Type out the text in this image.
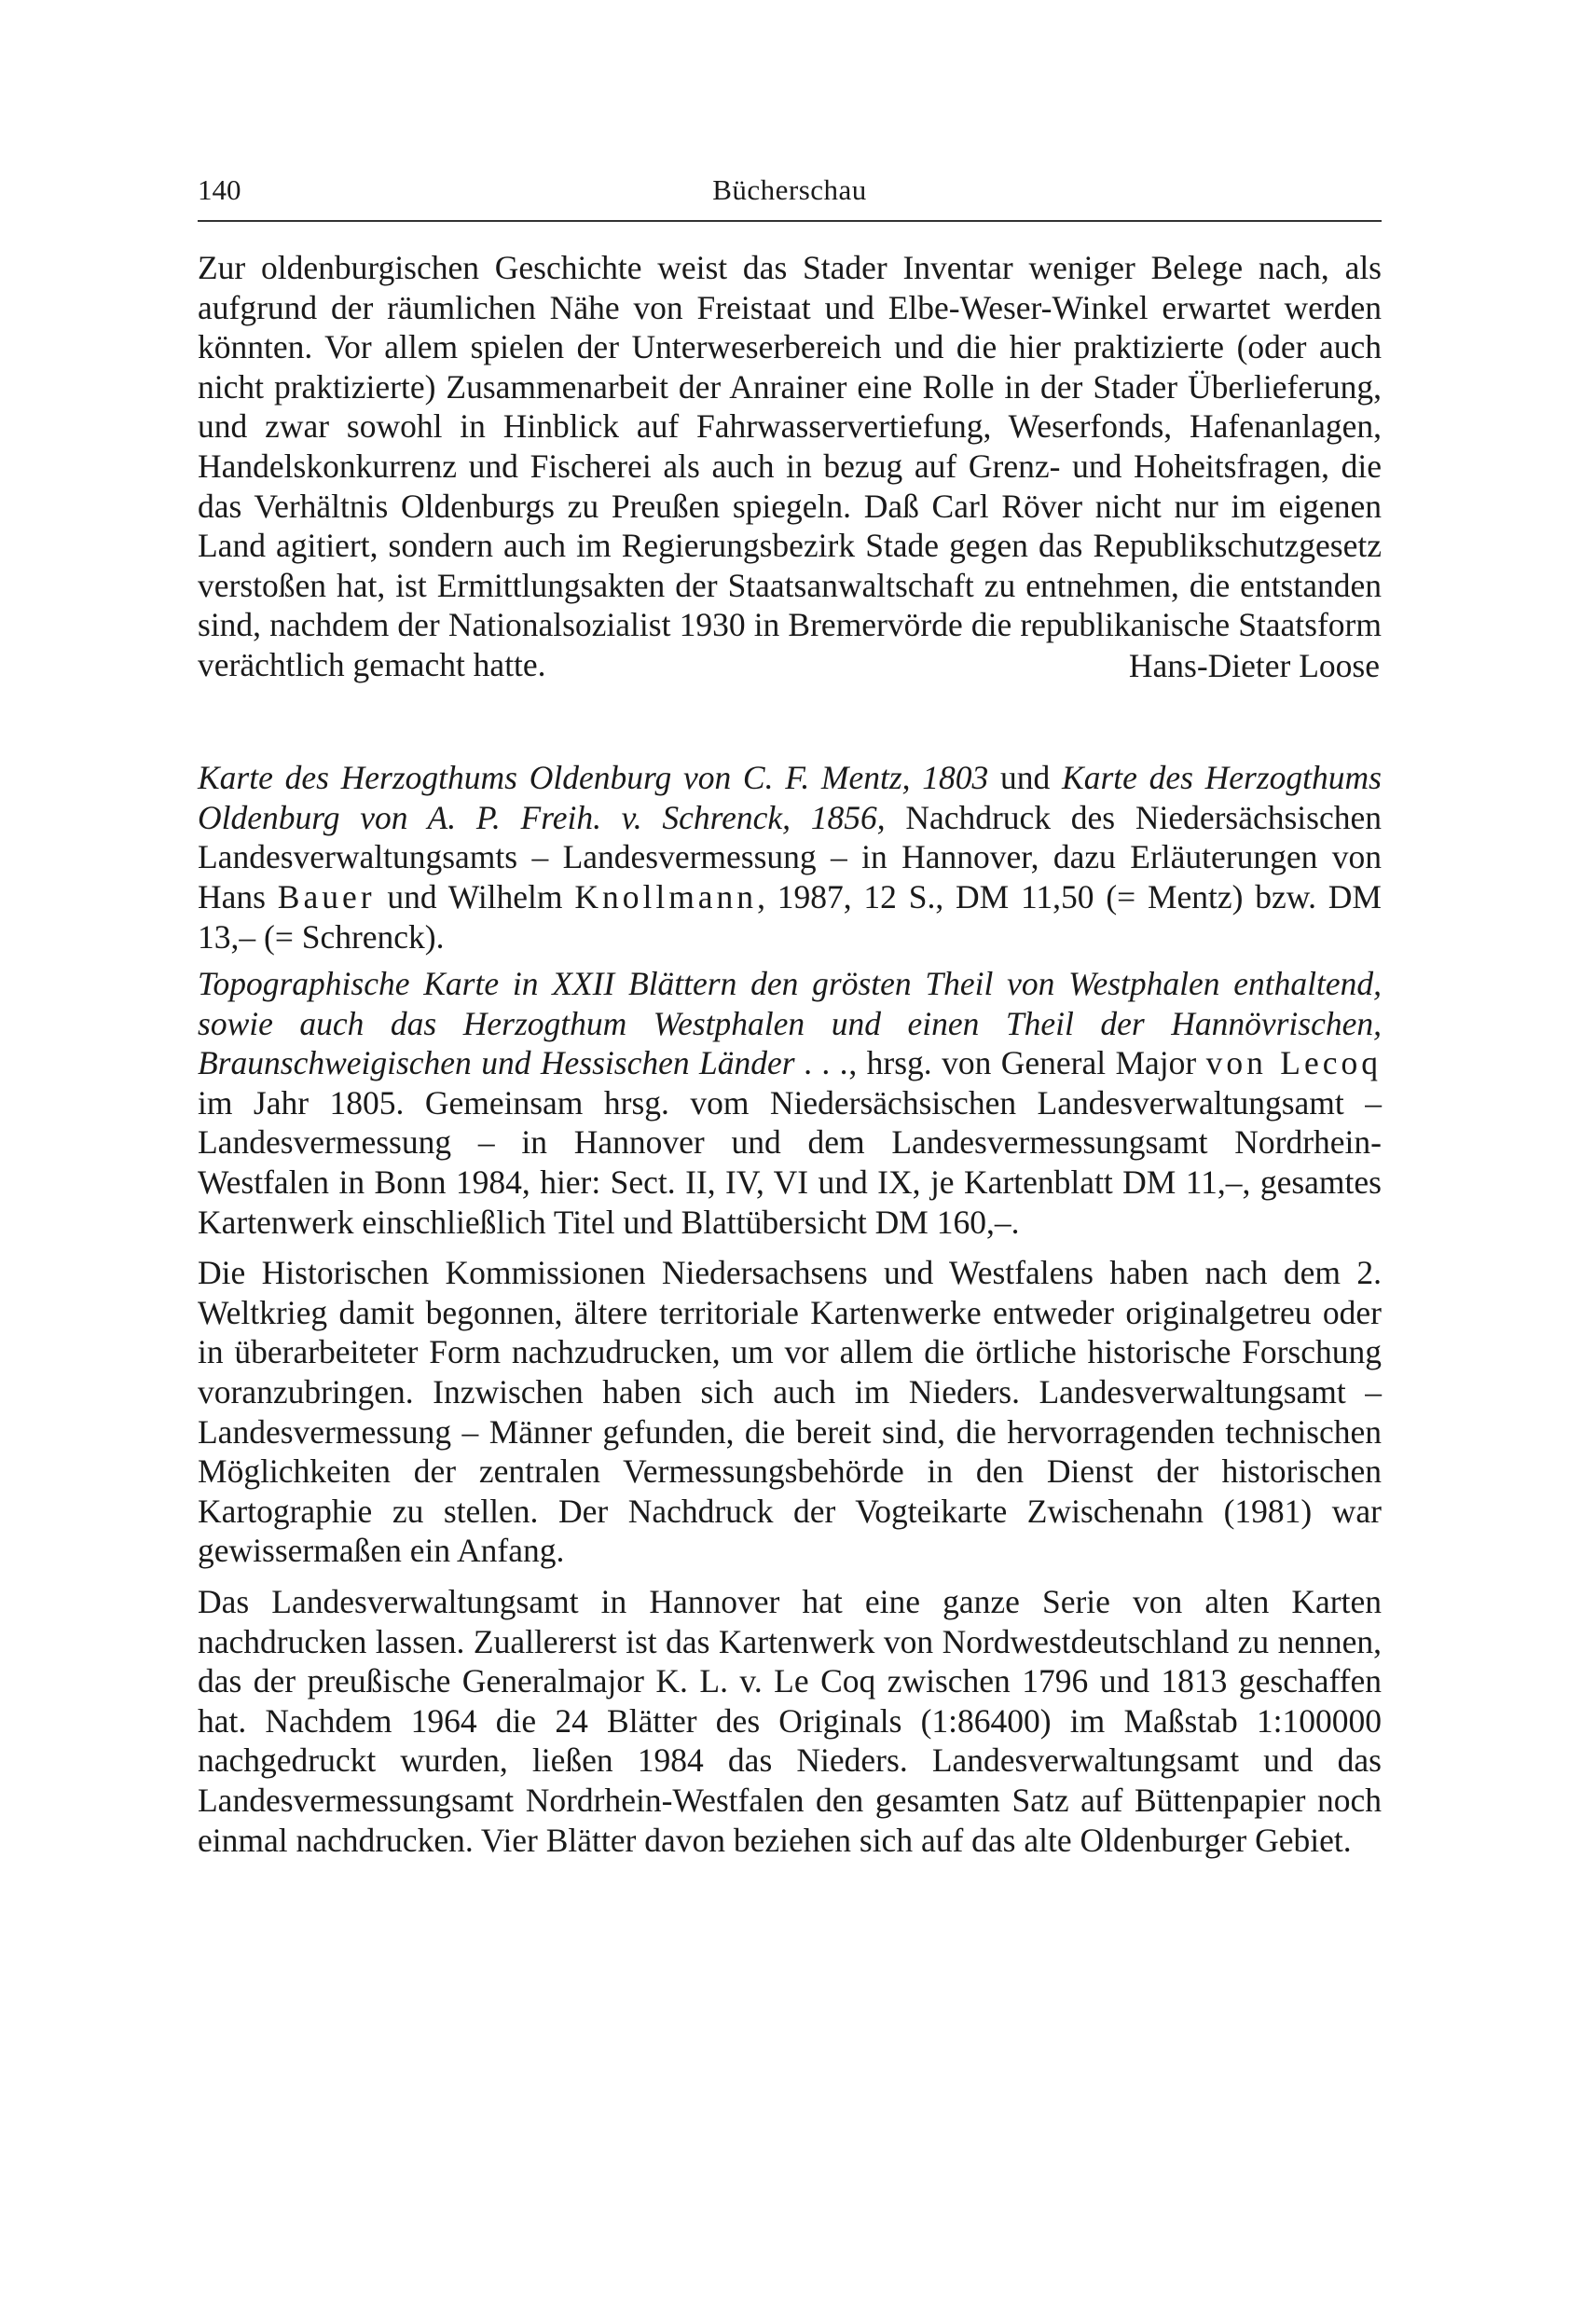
140	Bücherschau

Zur oldenburgischen Geschichte weist das Stader Inventar weniger Belege nach, als aufgrund der räumlichen Nähe von Freistaat und Elbe-Weser-Winkel erwartet werden könnten. Vor allem spielen der Unterweserbereich und die hier praktizierte (oder auch nicht praktizierte) Zusammenarbeit der Anrainer eine Rolle in der Stader Überlieferung, und zwar sowohl in Hinblick auf Fahrwasservertiefung, Weserfonds, Hafenanlagen, Handelskonkurrenz und Fischerei als auch in bezug auf Grenz- und Hoheitsfragen, die das Verhältnis Oldenburgs zu Preußen spiegeln. Daß Carl Röver nicht nur im eigenen Land agitiert, sondern auch im Regierungsbezirk Stade gegen das Republikschutzgesetz verstoßen hat, ist Ermittlungsakten der Staatsanwaltschaft zu entnehmen, die entstanden sind, nachdem der Nationalsozialist 1930 in Bremervörde die republikanische Staatsform verächtlich gemacht hatte.	Hans-Dieter Loose

Karte des Herzogthums Oldenburg von C. F. Mentz, 1803 und Karte des Herzogthums Oldenburg von A. P. Freih. v. Schrenck, 1856, Nachdruck des Niedersächsischen Landesverwaltungsamts – Landesvermessung – in Hannover, dazu Erläuterungen von Hans Bauer und Wilhelm Knollmann, 1987, 12 S., DM 11,50 (= Mentz) bzw. DM 13,– (= Schrenck).

Topographische Karte in XXII Blättern den grösten Theil von Westphalen enthaltend, sowie auch das Herzogthum Westphalen und einen Theil der Hannövrischen, Braunschweigischen und Hessischen Länder . . ., hrsg. von General Major von Lecoq im Jahr 1805. Gemeinsam hrsg. vom Niedersächsischen Landesverwaltungsamt – Landesvermessung – in Hannover und dem Landesvermessungsamt Nordrhein-Westfalen in Bonn 1984, hier: Sect. II, IV, VI und IX, je Kartenblatt DM 11,–, gesamtes Kartenwerk einschließlich Titel und Blattübersicht DM 160,–.

Die Historischen Kommissionen Niedersachsens und Westfalens haben nach dem 2. Weltkrieg damit begonnen, ältere territoriale Kartenwerke entweder originalgetreu oder in überarbeiteter Form nachzudrucken, um vor allem die örtliche historische Forschung voranzubringen. Inzwischen haben sich auch im Nieders. Landesverwaltungsamt – Landesvermessung – Männer gefunden, die bereit sind, die hervorragenden technischen Möglichkeiten der zentralen Vermessungsbehörde in den Dienst der historischen Kartographie zu stellen. Der Nachdruck der Vogteikarte Zwischenahn (1981) war gewissermaßen ein Anfang.

Das Landesverwaltungsamt in Hannover hat eine ganze Serie von alten Karten nachdrucken lassen. Zuallererst ist das Kartenwerk von Nordwestdeutschland zu nennen, das der preußische Generalmajor K. L. v. Le Coq zwischen 1796 und 1813 geschaffen hat. Nachdem 1964 die 24 Blätter des Originals (1:86400) im Maßstab 1:100000 nachgedruckt wurden, ließen 1984 das Nieders. Landesverwaltungsamt und das Landesvermessungsamt Nordrhein-Westfalen den gesamten Satz auf Büttenpapier noch einmal nachdrucken. Vier Blätter davon beziehen sich auf das alte Oldenburger Gebiet.
